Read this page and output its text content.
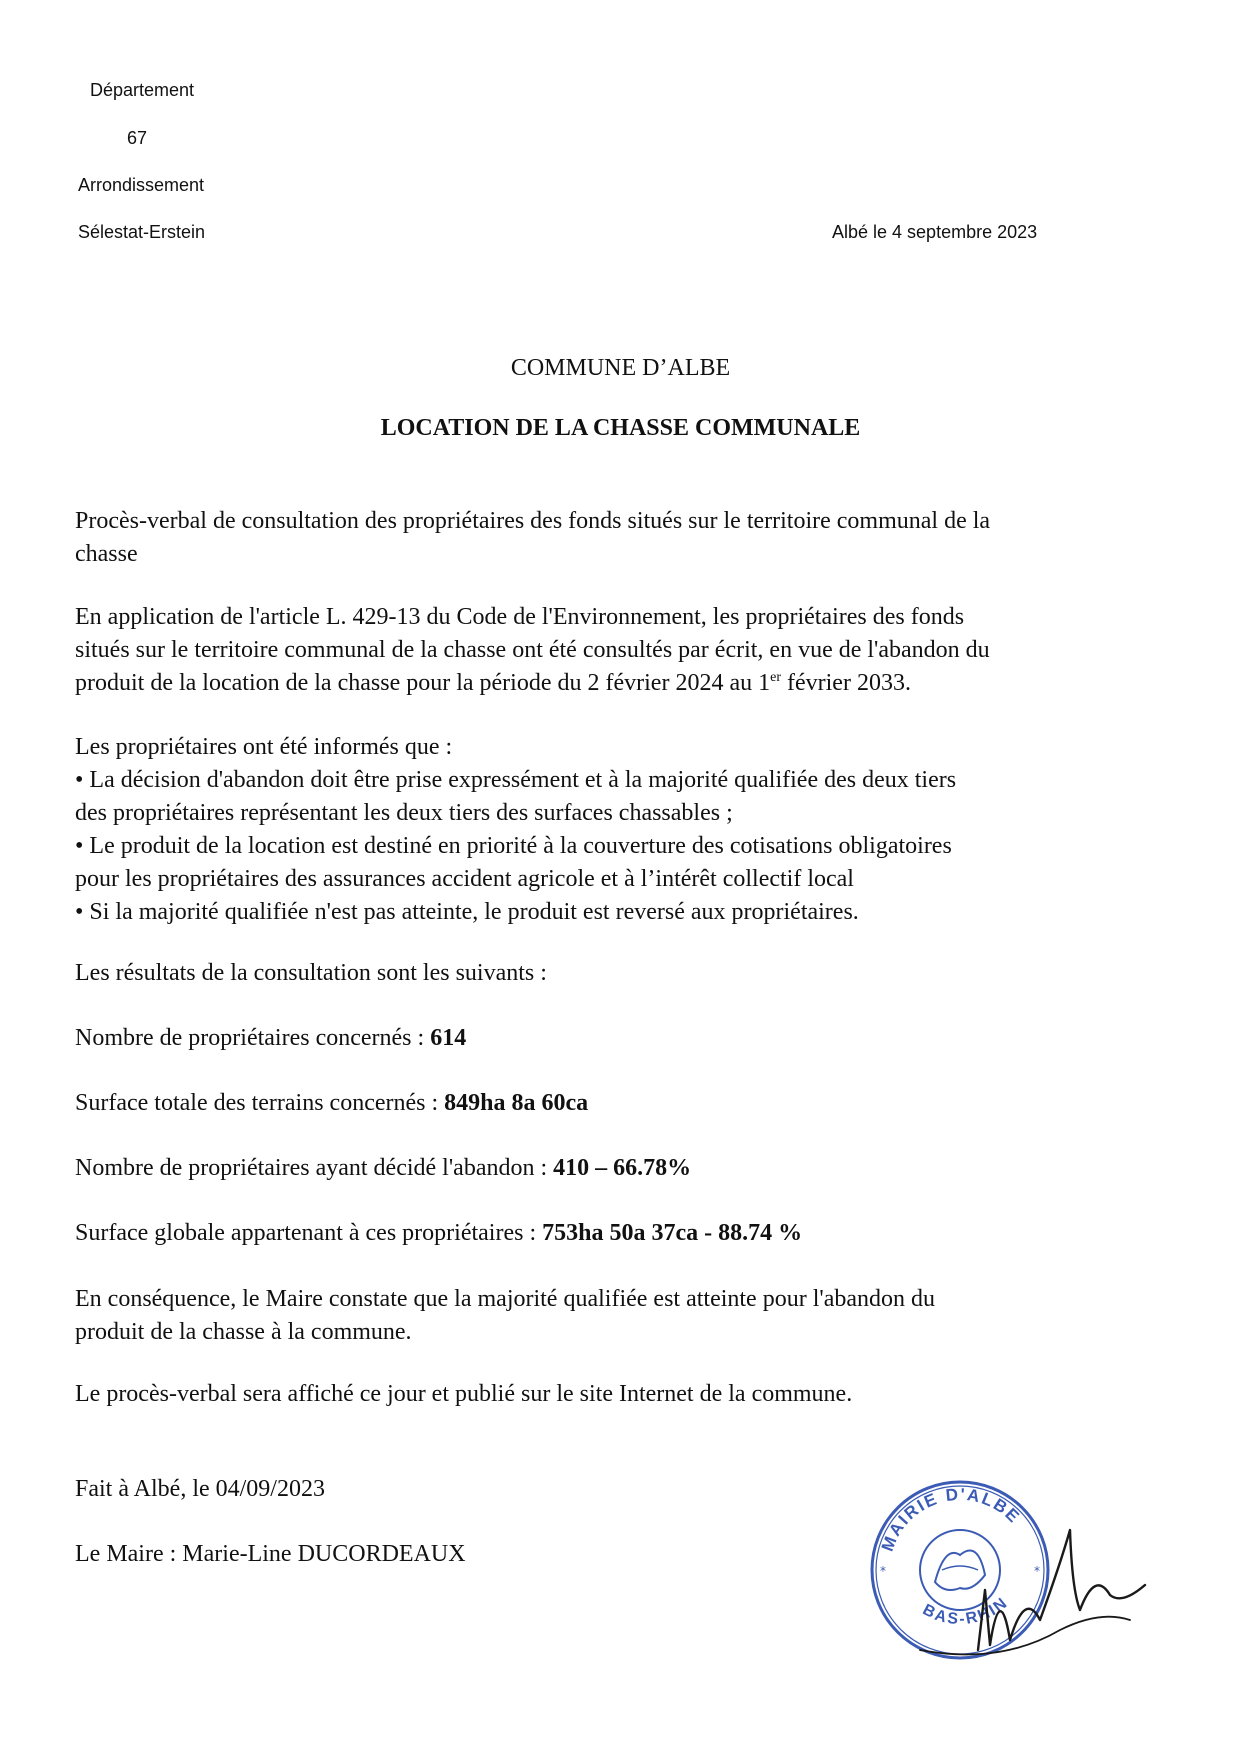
Département
67
Arrondissement
Sélestat-Erstein	Albé le 4 septembre 2023
COMMUNE D’ALBE
LOCATION DE LA CHASSE COMMUNALE
Procès-verbal de consultation des propriétaires des fonds situés sur le territoire communal de la
chasse
En application de l'article L. 429-13 du Code de l'Environnement, les propriétaires des fonds
situés sur le territoire communal de la chasse ont été consultés par écrit, en vue de l'abandon du
produit de la location de la chasse pour la période du 2 février 2024 au 1er février 2033.
Les propriétaires ont été informés que :
• La décision d'abandon doit être prise expressément et à la majorité qualifiée des deux tiers
des propriétaires représentant les deux tiers des surfaces chassables ;
• Le produit de la location est destiné en priorité à la couverture des cotisations obligatoires
pour les propriétaires des assurances accident agricole et à l’intérêt collectif local
• Si la majorité qualifiée n'est pas atteinte, le produit est reversé aux propriétaires.
Les résultats de la consultation sont les suivants :
Nombre de propriétaires concernés : 614
Surface totale des terrains concernés : 849ha 8a 60ca
Nombre de propriétaires ayant décidé l'abandon : 410 – 66.78%
Surface globale appartenant à ces propriétaires : 753ha 50a 37ca - 88.74 %
En conséquence, le Maire constate que la majorité qualifiée est atteinte pour l'abandon du
produit de la chasse à la commune.
Le procès-verbal sera affiché ce jour et publié sur le site Internet de la commune.
Fait à Albé, le 04/09/2023
Le Maire : Marie-Line DUCORDEAUX	MAIRIE D'ALBE
BAS-RHIN
*	*
